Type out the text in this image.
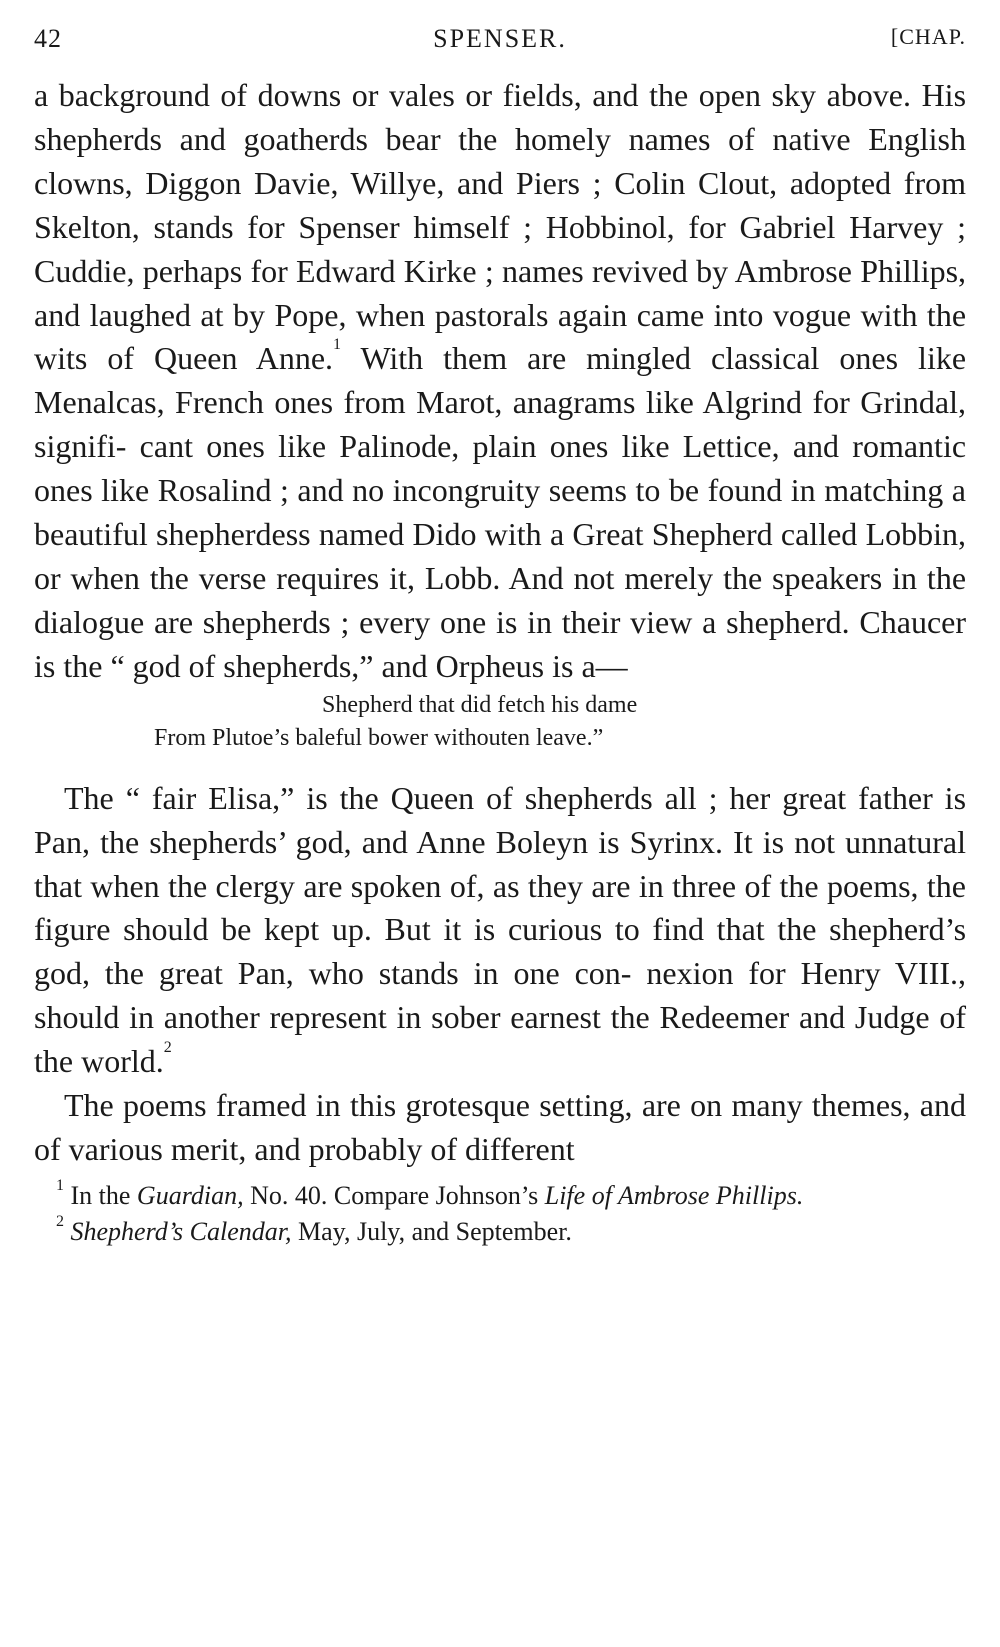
42	SPENSER.	[CHAP.

a background of downs or vales or fields, and the open sky above. His shepherds and goatherds bear the homely names of native English clowns, Diggon Davie, Willye, and Piers ; Colin Clout, adopted from Skelton, stands for Spenser himself ; Hobbinol, for Gabriel Harvey ; Cuddie, perhaps for Edward Kirke ; names revived by Ambrose Phillips, and laughed at by Pope, when pastorals again came into vogue with the wits of Queen Anne.$^1$ With them are mingled classical ones like Menalcas, French ones from Marot, anagrams like Algrind for Grindal, signifi- cant ones like Palinode, plain ones like Lettice, and romantic ones like Rosalind ; and no incongruity seems to be found in matching a beautiful shepherdess named Dido with a Great Shepherd called Lobbin, or when the verse requires it, Lobb. And not merely the speakers in the dialogue are shepherds ; every one is in their view a shepherd. Chaucer is the “ god of shepherds,” and Orpheus is a—

Shepherd that did fetch his dame
From Plutoe’s baleful bower withouten leave.”

The “ fair Elisa,” is the Queen of shepherds all ; her great father is Pan, the shepherds’ god, and Anne Boleyn is Syrinx. It is not unnatural that when the clergy are spoken of, as they are in three of the poems, the figure should be kept up. But it is curious to find that the shepherd’s god, the great Pan, who stands in one con- nexion for Henry VIII., should in another represent in sober earnest the Redeemer and Judge of the world.$^2$

The poems framed in this grotesque setting, are on many themes, and of various merit, and probably of different

$^1$ In the Guardian, No. 40. Compare Johnson’s Life of Ambrose Phillips.

$^2$ Shepherd’s Calendar, May, July, and September.
